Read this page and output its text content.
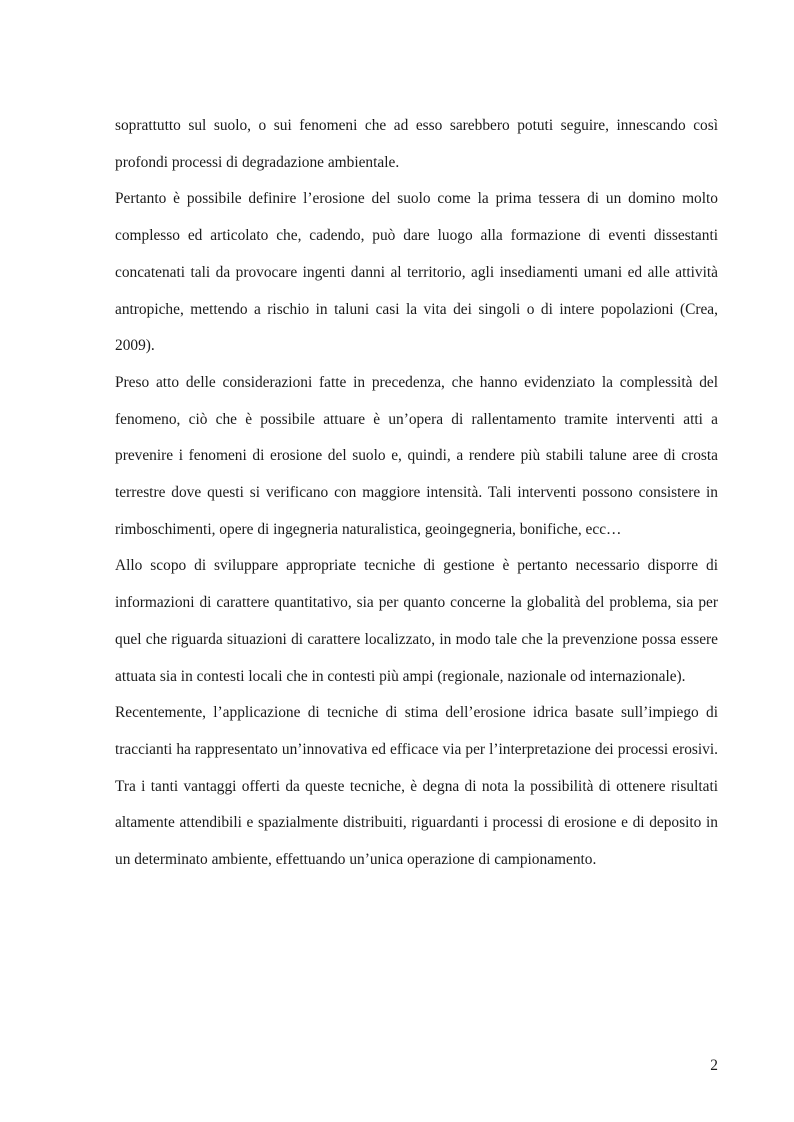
soprattutto sul suolo, o sui fenomeni che ad esso sarebbero potuti seguire, innescando così profondi processi di degradazione ambientale.

Pertanto è possibile definire l’erosione del suolo come la prima tessera di un domino molto complesso ed articolato che, cadendo, può dare luogo alla formazione di eventi dissestanti concatenati tali da provocare ingenti danni al territorio, agli insediamenti umani ed alle attività antropiche, mettendo a rischio in taluni casi la vita dei singoli o di intere popolazioni (Crea, 2009).

Preso atto delle considerazioni fatte in precedenza, che hanno evidenziato la complessità del fenomeno, ciò che è possibile attuare è un’opera di rallentamento tramite interventi atti a prevenire i fenomeni di erosione del suolo e, quindi, a rendere più stabili talune aree di crosta terrestre dove questi si verificano con maggiore intensità. Tali interventi possono consistere in rimboschimenti, opere di ingegneria naturalistica, geoingegneria, bonifiche, ecc…

Allo scopo di sviluppare appropriate tecniche di gestione è pertanto necessario disporre di informazioni di carattere quantitativo, sia per quanto concerne la globalità del problema, sia per quel che riguarda situazioni di carattere localizzato, in modo tale che la prevenzione possa essere attuata sia in contesti locali che in contesti più ampi (regionale, nazionale od internazionale).

Recentemente, l’applicazione di tecniche di stima dell’erosione idrica basate sull’impiego di traccianti ha rappresentato un’innovativa ed efficace via per l’interpretazione dei processi erosivi. Tra i tanti vantaggi offerti da queste tecniche, è degna di nota la possibilità di ottenere risultati altamente attendibili e spazialmente distribuiti, riguardanti i processi di erosione e di deposito in un determinato ambiente, effettuando un’unica operazione di campionamento.

2
